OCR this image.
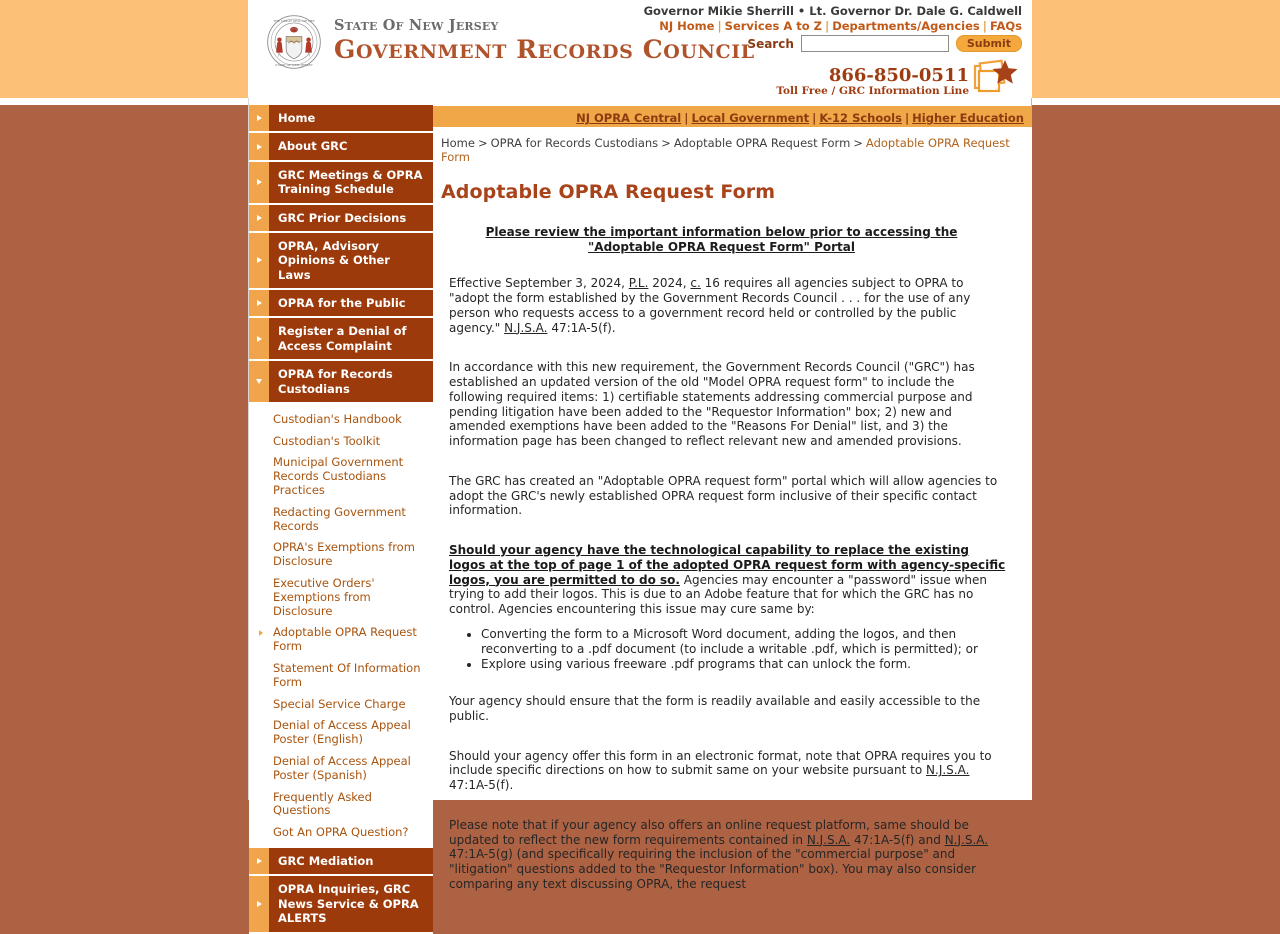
THE GREAT SEAL OF THE
STATE OF NEW JERSEY
STATE OF NEW JERSEY
GOVERNMENT RECORDS COUNCIL
Governor Mikie Sherrill • Lt. Governor Dr. Dale G. Caldwell
NJ Home | Services A to Z | Departments/Agencies | FAQs
Search	Submit
866-850-0511
Toll Free / GRC Information Line
NJ OPRA Central | Local Government | K-12 Schools | Higher Education
Home
About GRC
GRC Meetings & OPRA Training Schedule
GRC Prior Decisions
OPRA, Advisory Opinions & Other Laws
OPRA for the Public
Register a Denial of Access Complaint
OPRA for Records Custodians
Custodian's Handbook
Custodian's Toolkit
Municipal Government Records Custodians Practices
Redacting Government Records
OPRA's Exemptions from Disclosure
Executive Orders' Exemptions from Disclosure
Adoptable OPRA Request Form
Statement Of Information Form
Special Service Charge
Denial of Access Appeal Poster (English)
Denial of Access Appeal Poster (Spanish)
Frequently Asked Questions
Got An OPRA Question?
GRC Mediation
OPRA Inquiries, GRC News Service & OPRA ALERTS
Home > OPRA for Records Custodians > Adoptable OPRA Request Form > Adoptable OPRA Request Form
Adoptable OPRA Request Form
Please review the important information below prior to accessing the "Adoptable OPRA Request Form" Portal

Effective September 3, 2024, P.L. 2024, c. 16 requires all agencies subject to OPRA to "adopt the form established by the Government Records Council . . . for the use of any person who requests access to a government record held or controlled by the public agency." N.J.S.A. 47:1A-5(f).

In accordance with this new requirement, the Government Records Council ("GRC") has established an updated version of the old "Model OPRA request form" to include the following required items: 1) certifiable statements addressing commercial purpose and pending litigation have been added to the "Requestor Information" box; 2) new and amended exemptions have been added to the "Reasons For Denial" list, and 3) the information page has been changed to reflect relevant new and amended provisions.

The GRC has created an "Adoptable OPRA request form" portal which will allow agencies to adopt the GRC's newly established OPRA request form inclusive of their specific contact information.

Should your agency have the technological capability to replace the existing logos at the top of page 1 of the adopted OPRA request form with agency-specific logos, you are permitted to do so. Agencies may encounter a "password" issue when trying to add their logos. This is due to an Adobe feature that for which the GRC has no control. Agencies encountering this issue may cure same by:

• Converting the form to a Microsoft Word document, adding the logos, and then reconverting to a .pdf document (to include a writable .pdf, which is permitted); or
• Explore using various freeware .pdf programs that can unlock the form.

Your agency should ensure that the form is readily available and easily accessible to the public.

Should your agency offer this form in an electronic format, note that OPRA requires you to include specific directions on how to submit same on your website pursuant to N.J.S.A. 47:1A-5(f).

Please note that if your agency also offers an online request platform, same should be updated to reflect the new form requirements contained in N.J.S.A. 47:1A-5(f) and N.J.S.A. 47:1A-5(g) (and specifically requiring the inclusion of the "commercial purpose" and "litigation" questions added to the "Requestor Information" box). You may also consider comparing any text discussing OPRA, the request
